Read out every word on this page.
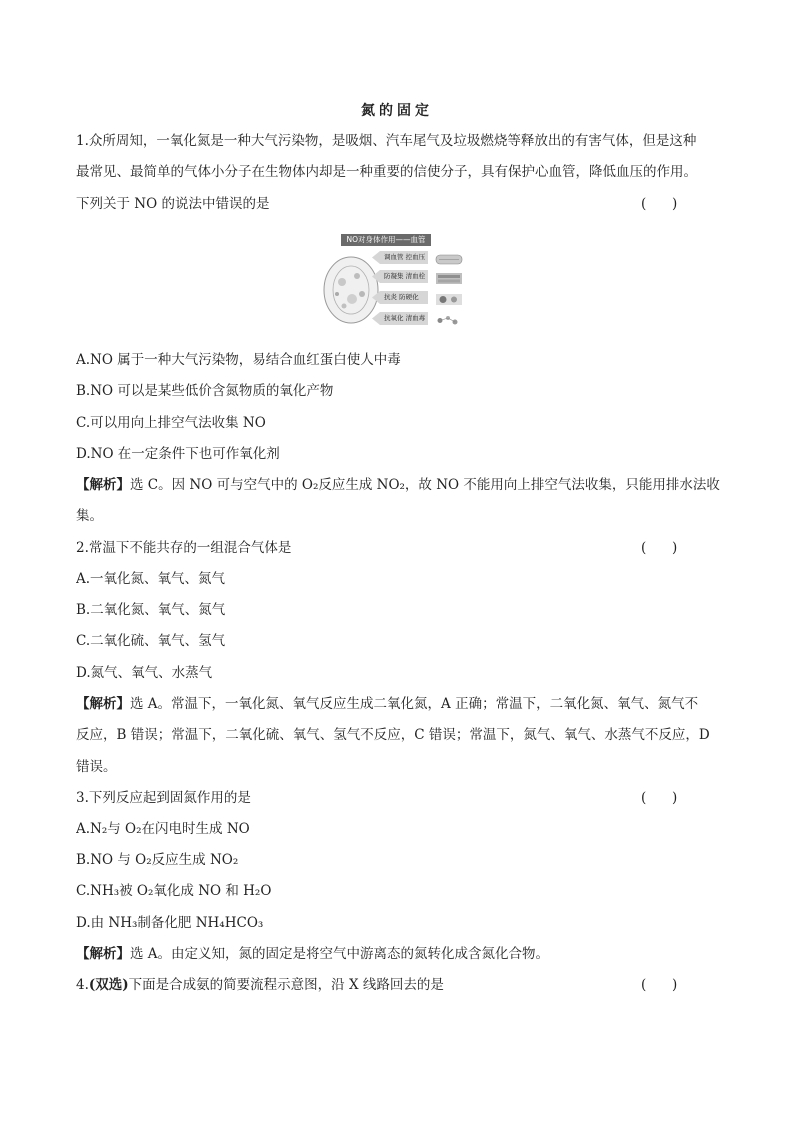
氮的固定
1.众所周知，一氧化氮是一种大气污染物，是吸烟、汽车尾气及垃圾燃烧等释放出的有害气体，但是这种
最常见、最简单的气体小分子在生物体内却是一种重要的信使分子，具有保护心血管，降低血压的作用。
下列关于 NO 的说法中错误的是	(      )
NO对身体作用——血管
调血管 控血压
防凝集 清血栓
抗炎 防硬化
抗氧化 清血毒
A.NO 属于一种大气污染物，易结合血红蛋白使人中毒
B.NO 可以是某些低价含氮物质的氧化产物
C.可以用向上排空气法收集 NO
D.NO 在一定条件下也可作氧化剂
【解析】选 C。因 NO 可与空气中的 O₂反应生成 NO₂，故 NO 不能用向上排空气法收集，只能用排水法收
集。
2.常温下不能共存的一组混合气体是	(      )
A.一氧化氮、氧气、氮气
B.二氧化氮、氧气、氮气
C.二氧化硫、氧气、氢气
D.氮气、氧气、水蒸气
【解析】选 A。常温下，一氧化氮、氧气反应生成二氧化氮，A 正确；常温下，二氧化氮、氧气、氮气不
反应，B 错误；常温下，二氧化硫、氧气、氢气不反应，C 错误；常温下，氮气、氧气、水蒸气不反应，D
错误。
3.下列反应起到固氮作用的是	(      )
A.N₂与 O₂在闪电时生成 NO
B.NO 与 O₂反应生成 NO₂
C.NH₃被 O₂氧化成 NO 和 H₂O
D.由 NH₃制备化肥 NH₄HCO₃
【解析】选 A。由定义知，氮的固定是将空气中游离态的氮转化成含氮化合物。
4.(双选)下面是合成氨的简要流程示意图，沿 X 线路回去的是	(      )
